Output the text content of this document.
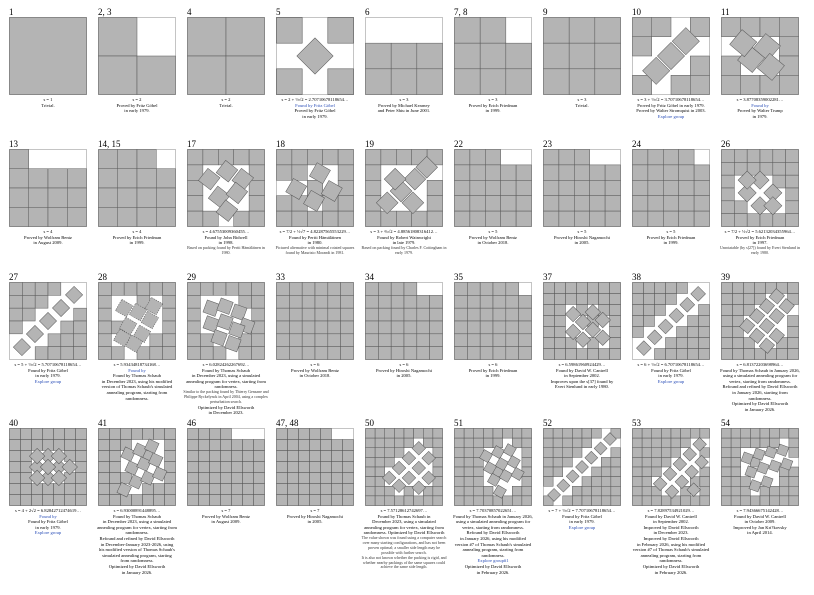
1
s = 1
Trivial.
2, 3
s = 2
Proved by Fritz Göbel
in early 1979.
4
s = 2
Trivial.
5
s = 2 + ½√2 = 2.70710678118654…
Found by Fritz Göbel
Proved by Fritz Göbel
in early 1979.
6
s = 3
Proved by Michael Kearney
and Peter Shiu in June 2001.
7, 8
s = 3
Proved by Erich Friedman
in 1999.
9
s = 3
Trivial.
10
s = 3 + ½√2 = 3.70710678118654…
Proved by Fritz Göbel in early 1979.
Proved by Walter Stromquist in 2003.
Explore group
11
s = 3.87708359002281…
Found by
Proved by Walter Trump
in 1979.
13
s = 4
Proved by Wolfram Bentz
in August 2009.
14, 15
s = 4
Proved by Erich Friedman
in 1999.
17
s = 4.67553009360455…
Found by John Bidwell
in 1998.
Based on packing found by Pertti Hämäläinen in 1980.
18
s = 7/2 + ½√7 = 4.82287565553229…
Found by Pertti Hämäläinen
in 1980.
Pictured alternative with minimal rotated squares found by Maurizio Morandi in 1981.
19
s = 3 + ⅔√2 = 4.88561808316412…
Found by Robert Wainwright
in late 1979.
Based on packing found by Charles F. Cottingham in early 1979.
22
s = 5
Proved by Wolfram Bentz
in October 2018.
23
s = 5
Proved by Hiroshi Nagamochi
in 2005.
24
s = 5
Proved by Erich Friedman
in 1999.
26
s = 7/2 + ½√2 = 5.62132034355964…
Proved by Erich Friedman
in 1997.
Unrotatable (by s[27]) found by Evert Stenlund in early 1980.
27
s = 5 + ½√2 = 5.70710678118654…
Found by Fritz Göbel
in early 1979.
Explore group
28
s = 5.93434818734168…
Found by
Found by Thomas Schaub
in December 2023, using his modified
version of Thomas Schaub's simulated
annealing program, starting from
randomness.
29
s = 6.02824262267692…
Found by Thomas Schaub
in December 2023, using a simulated
annealing program for vertex, starting from
randomness.
Similar to the packing found by Thierry Gensane and Philippe Ryckelynck in April 2004, using a complex perturbation search.
Optimized by David Ellsworth
in December 2023.
33
s = 6
Proved by Wolfram Bentz
in October 2018.
34
s = 6
Proved by Hiroshi Nagamochi
in 2005.
35
s = 6
Proved by Erich Friedman
in 1999.
37
s = 6.59861960924429…
Found by David W. Cantrell
in September 2002.
Improves upon the s[37] found by
Evert Stenlund in early 1980.
38
s = 6 + ½√2 = 6.70710678118654…
Found by Fritz Göbel
in early 1979.
Explore group
39
s = 6.81372203698964…
Found by Thomas Schaub in January 2026,
using a simulated annealing program for
vertex, starting from randomness.
Refound and refined by David Ellsworth
in January 2026, starting from
randomness.
Optimized by David Ellsworth
in January 2026.
40
s = 4 + 2√2 = 6.82842712474619…
Found by
Found by Fritz Göbel
in early 1979.
Explore group
41
s = 6.93000891448895…
Found by Thomas Schaub
in December 2023, using a simulated
annealing program for vertex, starting from
randomness.
Refound and refined by David Ellsworth
in December-January 2023-2026, using
his modified version of Thomas Schaub's
simulated annealing program, starting
from randomness.
Optimized by David Ellsworth
in January 2026.
46
s = 7
Proved by Wolfram Bentz
in August 2009.
47, 48
s = 7
Proved by Hiroshi Nagamochi
in 2005.
50
s = 7.57128612742697…
Found by Thomas Schaub in
December 2023, using a simulated
annealing program for vertex, starting from
randomness. Optimized by David Ellsworth
The value shown was found using a computer search over many starting configurations, and has not been proven optimal; a smaller side length may be possible with further search.
It is also not known whether the packing is rigid, and whether nearby packings of the same squares could achieve the same side length.
51
s = 7.70370857022651…
Found by Thomas Schaub in January 2026,
using a simulated annealing program for
vertex, starting from randomness.
Refound by David Ellsworth
in January 2026, using his modified
version #7 of Thomas Schaub's simulated
annealing program, starting from
randomness.
Explore group#1
Optimized by David Ellsworth
in February 2026.
52
s = 7 + ½√2 = 7.70710678118654…
Found by Fritz Göbel
in early 1979.
Explore group
53
s = 7.82897534921029…
Found by David W. Cantrell
in September 2002.
Improved by David Ellsworth
in December 2023.
Improved by David Ellsworth
in February 2026, using his modified
version #7 of Thomas Schaub's simulated
annealing program, starting from
randomness.
Optimized by David Ellsworth
in February 2026.
54
s = 7.94366675142428…
Found by David W. Cantrell
in October 2009.
Improved by Jan Kri?kovsky
in April 2014.
